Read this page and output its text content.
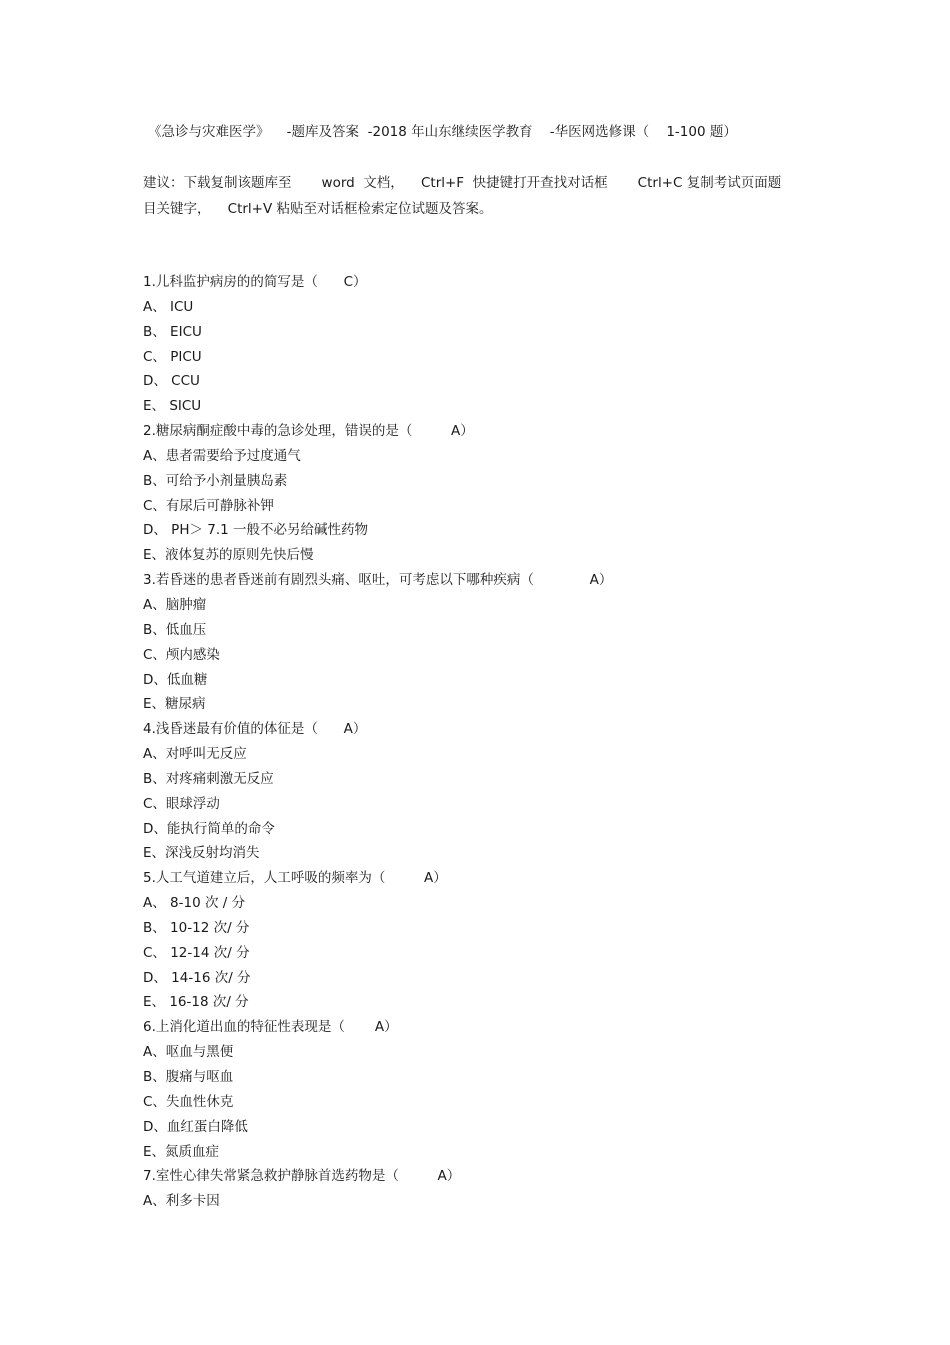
《急诊与灾难医学》    -题库及答案  -2018 年山东继续医学教育    -华医网选修课（    1-100 题）
建议：下载复制该题库至       word  文档，    Ctrl+F  快捷键打开查找对话框       Ctrl+C 复制考试页面题
目关键字，    Ctrl+V 粘贴至对话框检索定位试题及答案。
1.儿科监护病房的的简写是（      C）
A、 ICU
B、 EICU
C、 PICU
D、 CCU
E、 SICU
2.糖尿病酮症酸中毒的急诊处理，错误的是（         A）
A、患者需要给予过度通气
B、可给予小剂量胰岛素
C、有尿后可静脉补钾
D、 PH＞ 7.1 一般不必另给碱性药物
E、液体复苏的原则先快后慢
3.若昏迷的患者昏迷前有剧烈头痛、呕吐，可考虑以下哪种疾病（             A）
A、脑肿瘤
B、低血压
C、颅内感染
D、低血糖
E、糖尿病
4.浅昏迷最有价值的体征是（      A）
A、对呼叫无反应
B、对疼痛刺激无反应
C、眼球浮动
D、能执行简单的命令
E、深浅反射均消失
5.人工气道建立后，人工呼吸的频率为（         A）
A、 8-10 次 / 分
B、 10-12 次/ 分
C、 12-14 次/ 分
D、 14-16 次/ 分
E、 16-18 次/ 分
6.上消化道出血的特征性表现是（       A）
A、呕血与黑便
B、腹痛与呕血
C、失血性休克
D、血红蛋白降低
E、氮质血症
7.室性心律失常紧急救护静脉首选药物是（         A）
A、利多卡因
